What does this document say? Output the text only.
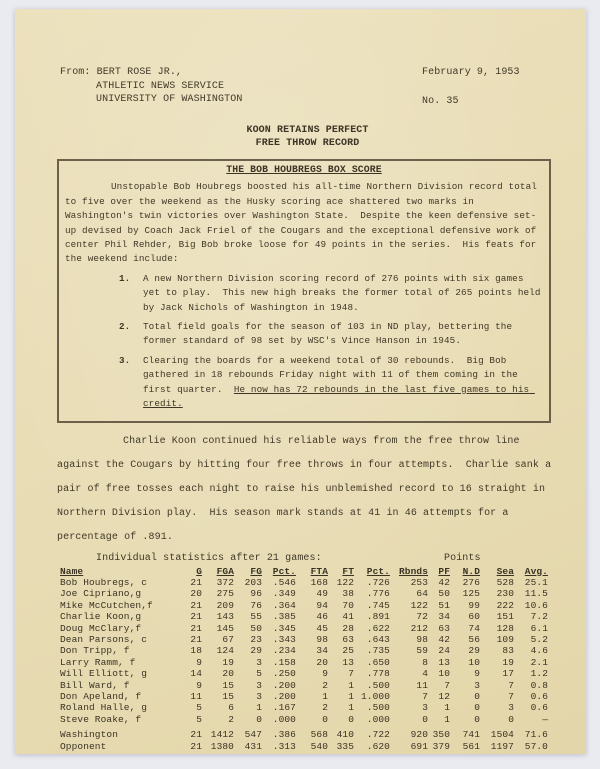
From: BERT ROSE JR.,
ATHLETIC NEWS SERVICE
UNIVERSITY OF WASHINGTON
February 9, 1953
No. 35
KOON RETAINS PERFECT
FREE THROW RECORD
THE BOB HOUBREGS BOX SCORE
Unstopable Bob Houbregs boosted his all-time Northern Division record total to five over the weekend as the Husky scoring ace shattered two marks in Washington's twin victories over Washington State.  Despite the keen defensive set-up devised by Coach Jack Friel of the Cougars and the exceptional defensive work of center Phil Rehder, Big Bob broke loose for 49 points in the series.  His feats for the weekend include:
1.	A new Northern Division scoring record of 276 points with six games yet to play.  This new high breaks the former total of 265 points held by Jack Nichols of Washington in 1948.
2.	Total field goals for the season of 103 in ND play, bettering the former standard of 98 set by WSC's Vince Hanson in 1945.
3.	Clearing the boards for a weekend total of 30 rebounds.  Big Bob gathered in 18 rebounds Friday night with 11 of them coming in the first quarter.  He now has 72 rebounds in the last five games to his credit.
Charlie Koon continued his reliable ways from the free throw line against the Cougars by hitting four free throws in four attempts.  Charlie sank a pair of free tosses each night to raise his unblemished record to 16 straight in Northern Division play.  His season mark stands at 41 in 46 attempts for a percentage of .891.
Individual statistics after 21 games:	Points
Name	G	FGA	FG	Pct.	FTA	FT	Pct.	Rbnds	PF	N.D	Sea	Avg.
Bob Houbregs, c	21	372	203	.546	168	122	.726	253	42	276	528	25.1
Joe Cipriano,g	20	275	96	.349	49	38	.776	64	50	125	230	11.5
Mike McCutchen,f	21	209	76	.364	94	70	.745	122	51	99	222	10.6
Charlie Koon,g	21	143	55	.385	46	41	.891	72	34	60	151	7.2
Doug McClary,f	21	145	50	.345	45	28	.622	212	63	74	128	6.1
Dean Parsons, c	21	67	23	.343	98	63	.643	98	42	56	109	5.2
Don Tripp, f	18	124	29	.234	34	25	.735	59	24	29	83	4.6
Larry Ramm, f	9	19	3	.158	20	13	.650	8	13	10	19	2.1
Will Elliott, g	14	20	5	.250	9	7	.778	4	10	9	17	1.2
Bill Ward, f	9	15	3	.200	2	1	.500	11	7	3	7	0.8
Don Apeland, f	11	15	3	.200	1	1	1.000	7	12	0	7	0.6
Roland Halle, g	5	6	1	.167	2	1	.500	3	1	0	3	0.6
Steve Roake, f	5	2	0	.000	0	0	.000	0	1	0	0	—
Washington	21	1412	547	.386	568	410	.722	920	350	741	1504	71.6
Opponent	21	1380	431	.313	540	335	.620	691	379	561	1197	57.0
